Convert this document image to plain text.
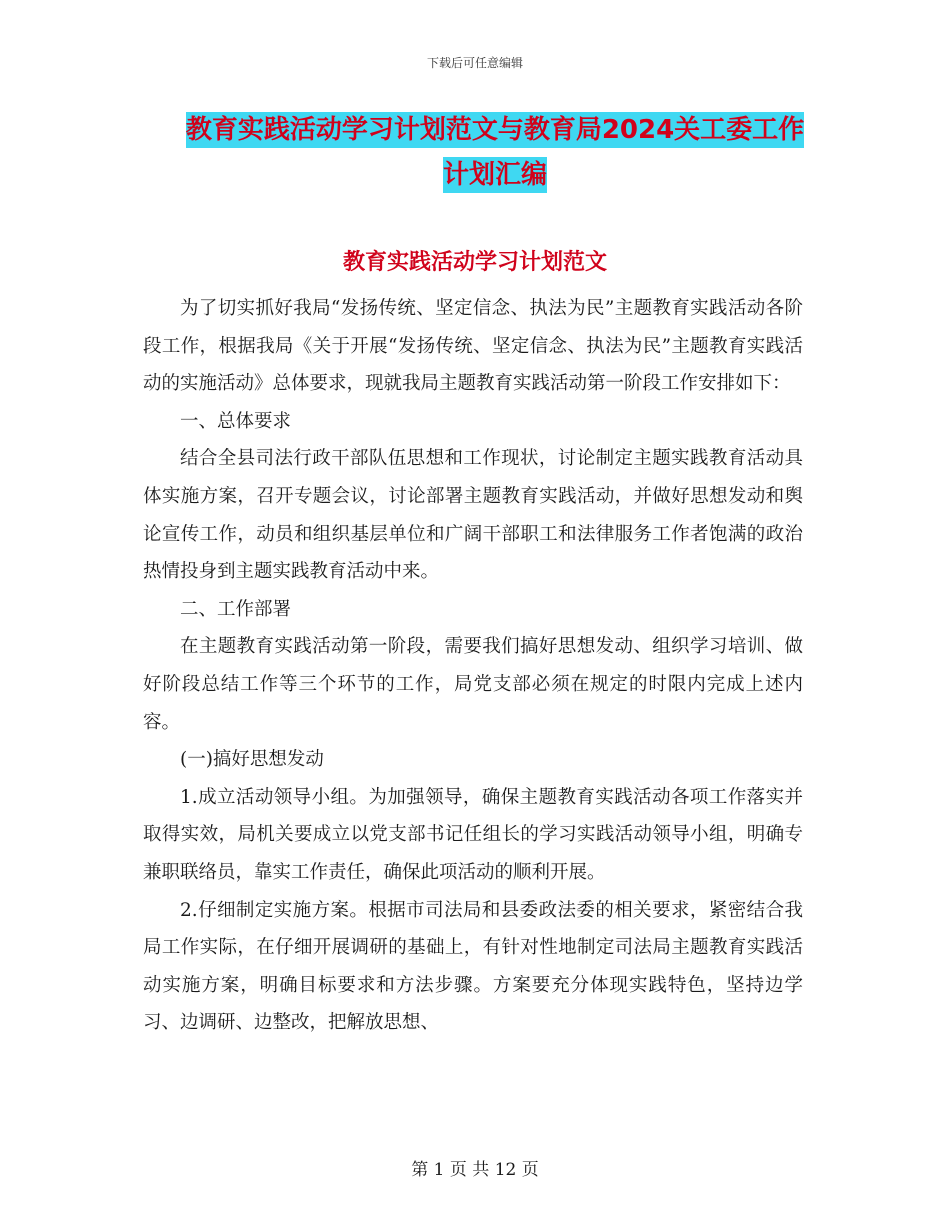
下载后可任意编辑
教育实践活动学习计划范文与教育局2024关工委工作
计划汇编
教育实践活动学习计划范文

为了切实抓好我局“发扬传统、坚定信念、执法为民”主题教育实践活动各阶段工作，根据我局《关于开展“发扬传统、坚定信念、执法为民”主题教育实践活动的实施活动》总体要求，现就我局主题教育实践活动第一阶段工作安排如下：

一、总体要求

结合全县司法行政干部队伍思想和工作现状，讨论制定主题实践教育活动具体实施方案，召开专题会议，讨论部署主题教育实践活动，并做好思想发动和舆论宣传工作，动员和组织基层单位和广阔干部职工和法律服务工作者饱满的政治热情投身到主题实践教育活动中来。

二、工作部署

在主题教育实践活动第一阶段，需要我们搞好思想发动、组织学习培训、做好阶段总结工作等三个环节的工作，局党支部必须在规定的时限内完成上述内容。

(一)搞好思想发动

1.成立活动领导小组。为加强领导，确保主题教育实践活动各项工作落实并取得实效，局机关要成立以党支部书记任组长的学习实践活动领导小组，明确专兼职联络员，靠实工作责任，确保此项活动的顺利开展。

2.仔细制定实施方案。根据市司法局和县委政法委的相关要求，紧密结合我局工作实际，在仔细开展调研的基础上，有针对性地制定司法局主题教育实践活动实施方案，明确目标要求和方法步骤。方案要充分体现实践特色，坚持边学习、边调研、边整改，把解放思想、

第 1 页 共 12 页
